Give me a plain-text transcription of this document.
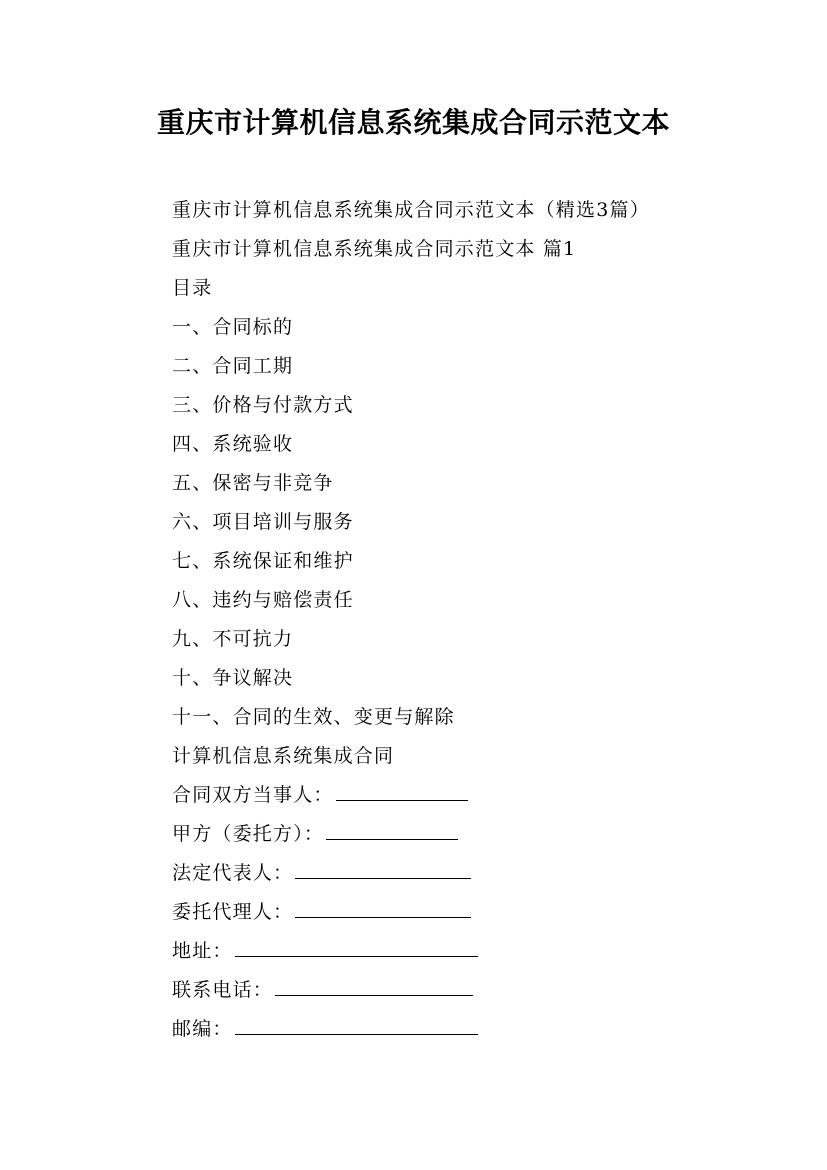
重庆市计算机信息系统集成合同示范文本
重庆市计算机信息系统集成合同示范文本（精选3篇）
重庆市计算机信息系统集成合同示范文本 篇1
目录
一、合同标的
二、合同工期
三、价格与付款方式
四、系统验收
五、保密与非竞争
六、项目培训与服务
七、系统保证和维护
八、违约与赔偿责任
九、不可抗力
十、争议解决
十一、合同的生效、变更与解除
计算机信息系统集成合同
合同双方当事人：
甲方（委托方）：
法定代表人：
委托代理人：
地址：
联系电话：
邮编：
